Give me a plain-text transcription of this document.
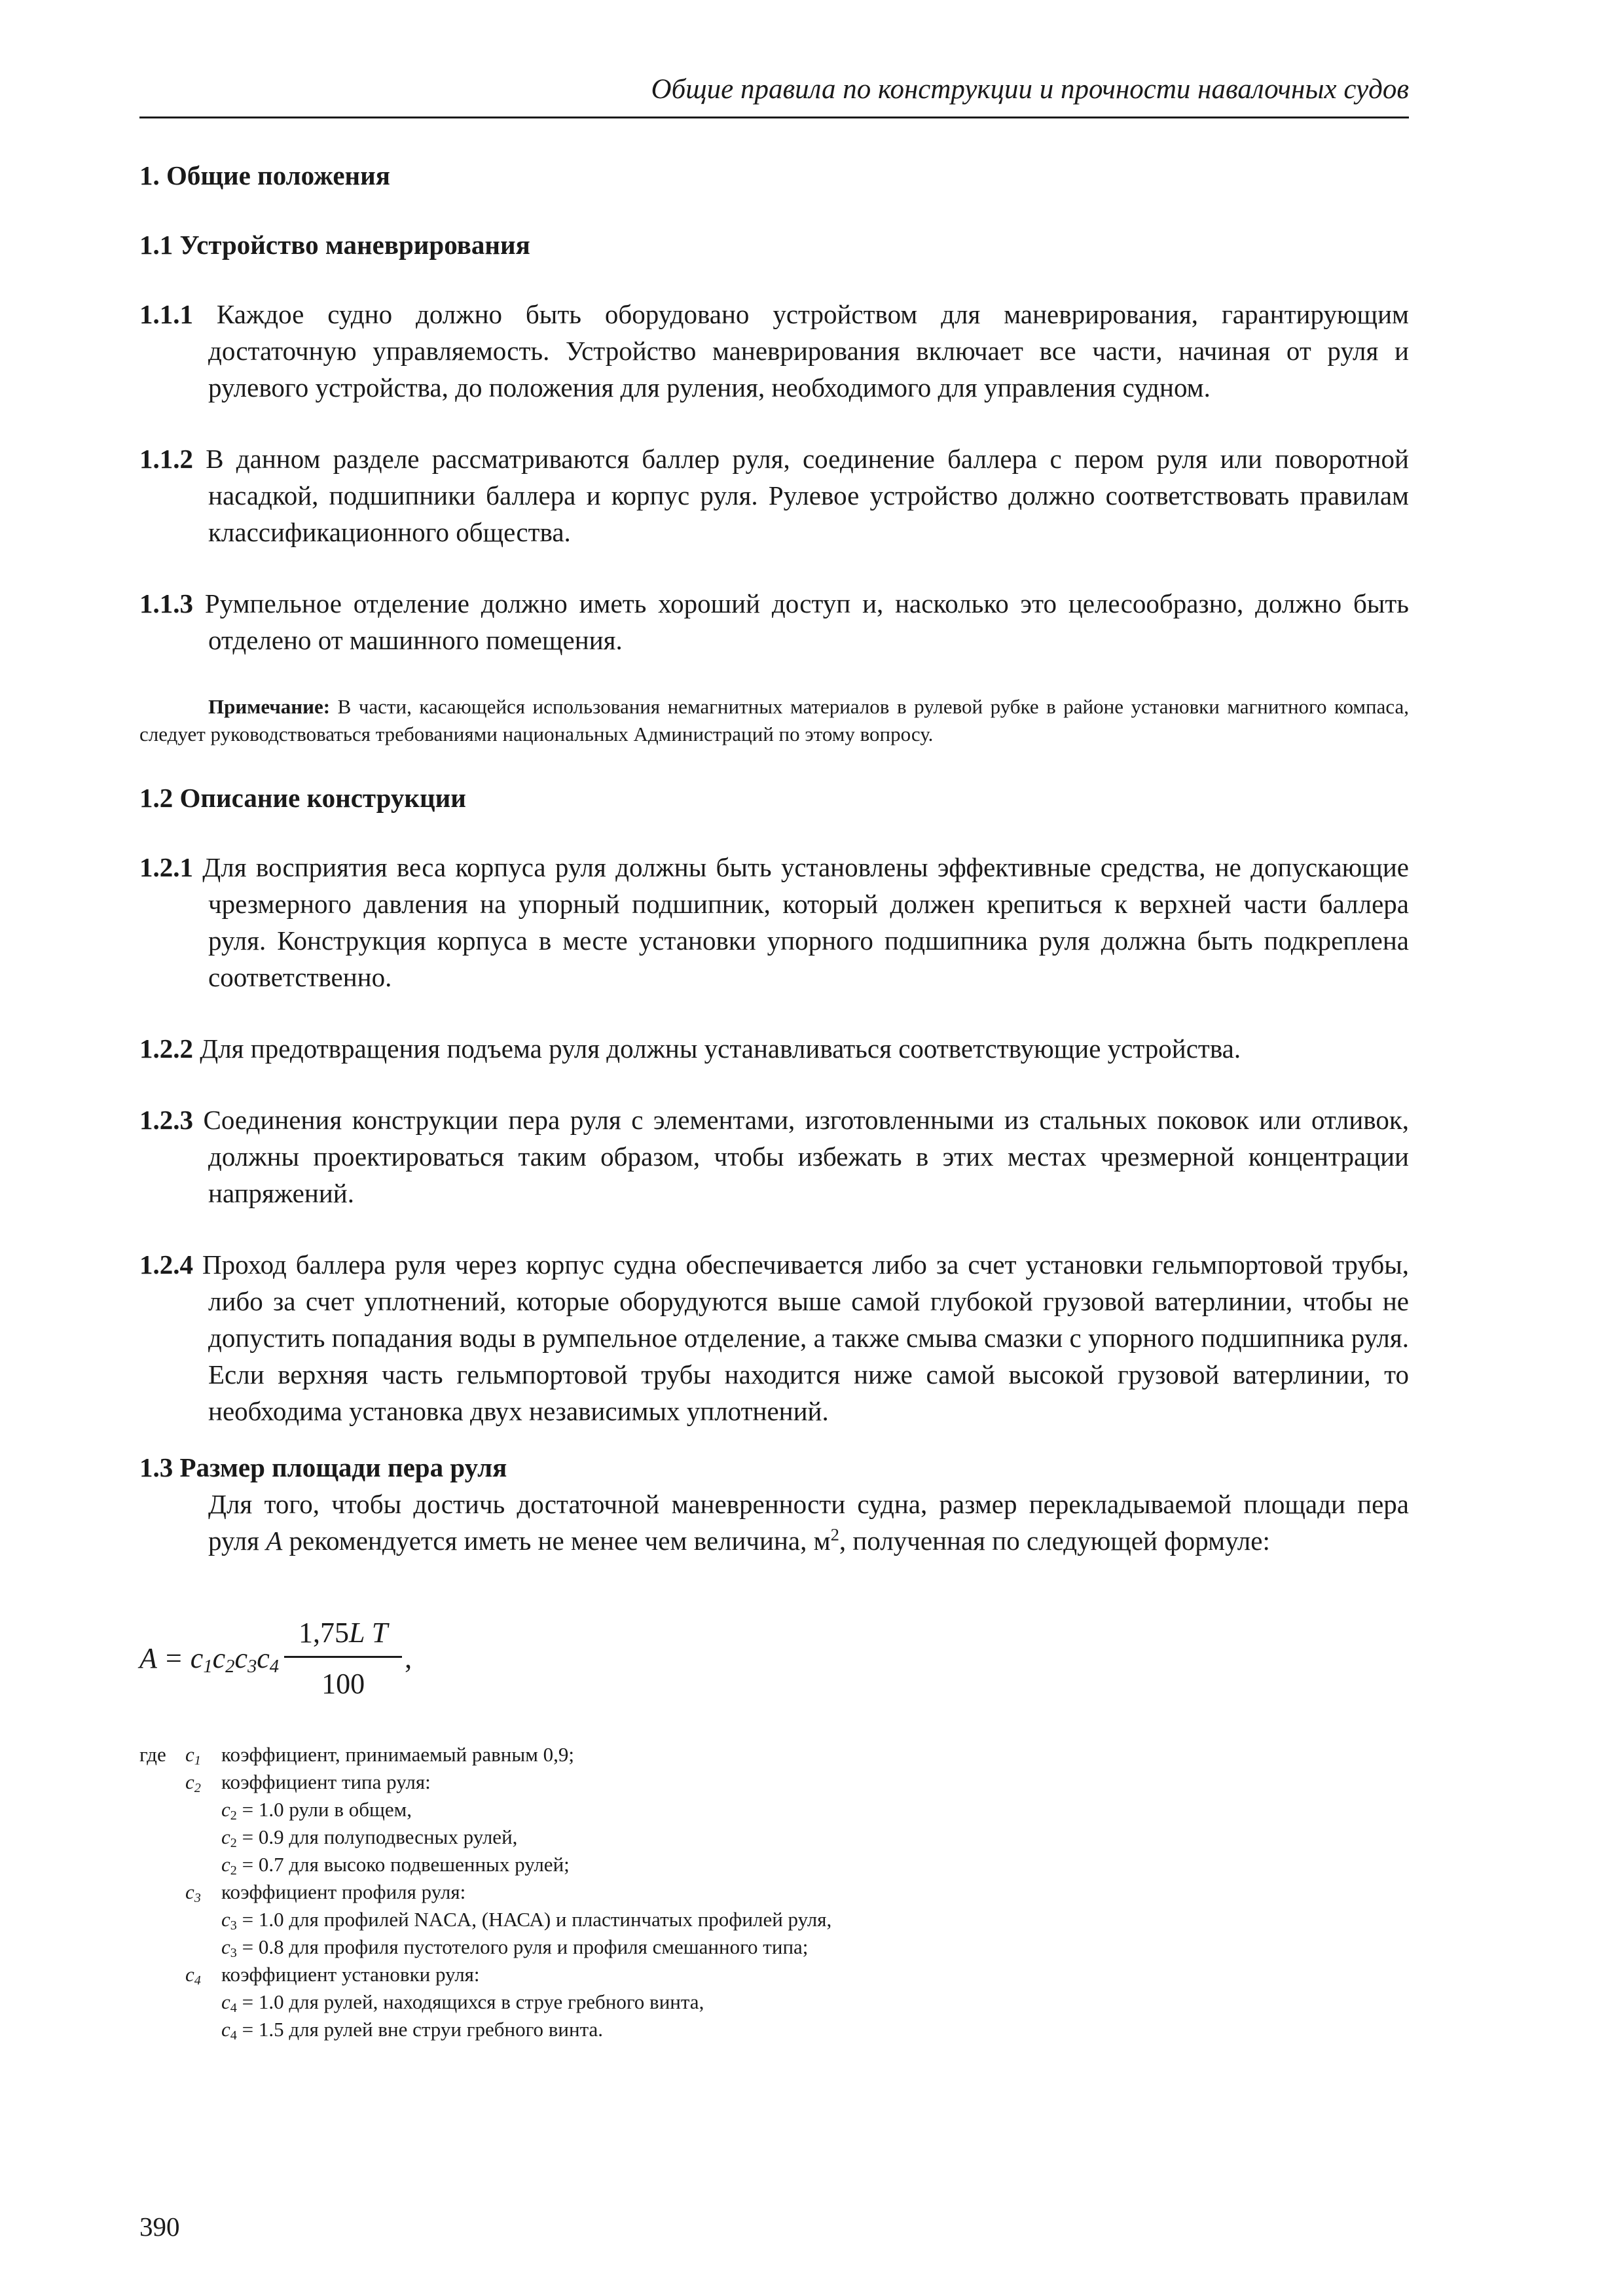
Общие правила по конструкции и прочности навалочных судов

1. Общие положения

1.1 Устройство маневрирования

1.1.1 Каждое судно должно быть оборудовано устройством для маневрирования, гарантирующим достаточную управляемость. Устройство маневрирования включает все части, начиная от руля и рулевого устройства, до положения для руления, необходимого для управления судном.

1.1.2 В данном разделе рассматриваются баллер руля, соединение баллера с пером руля или поворотной насадкой, подшипники баллера и корпус руля. Рулевое устройство должно соответствовать правилам классификационного общества.

1.1.3 Румпельное отделение должно иметь хороший доступ и, насколько это целесообразно, должно быть отделено от машинного помещения.

Примечание: В части, касающейся использования немагнитных материалов в рулевой рубке в районе установки магнитного компаса, следует руководствоваться требованиями национальных Администраций по этому вопросу.

1.2 Описание конструкции

1.2.1 Для восприятия веса корпуса руля должны быть установлены эффективные средства, не допускающие чрезмерного давления на упорный подшипник, который должен крепиться к верхней части баллера руля. Конструкция корпуса в месте установки упорного подшипника руля должна быть подкреплена соответственно.

1.2.2 Для предотвращения подъема руля должны устанавливаться соответствующие устройства.

1.2.3 Соединения конструкции пера руля с элементами, изготовленными из стальных поковок или отливок, должны проектироваться таким образом, чтобы избежать в этих местах чрезмерной концентрации напряжений.

1.2.4 Проход баллера руля через корпус судна обеспечивается либо за счет установки гельмпортовой трубы, либо за счет уплотнений, которые оборудуются выше самой глубокой грузовой ватерлинии, чтобы не допустить попадания воды в румпельное отделение, а также смыва смазки с упорного подшипника руля. Если верхняя часть гельмпортовой трубы находится ниже самой высокой грузовой ватерлинии, то необходима установка двух независимых уплотнений.

1.3 Размер площади пера руля

Для того, чтобы достичь достаточной маневренности судна, размер перекладываемой площади пера руля A рекомендуется иметь не менее чем величина, $м^2$, полученная по следующей формуле:

$A = c_1c_2c_3c_4 \frac{\text{1,75L T}}{100}$ ,
где $c_1$	коэффициент, принимаемый равным 0,9;
$c_2$	коэффициент типа руля:
$c_2 = 1.0$ рули в общем,
$c_2 = 0.9$ для полуподвесных рулей,
$c_2 = 0.7$ для высоко подвешенных рулей;
$c_3$	коэффициент профиля руля:
$c_3 = 1.0$ для профилей NACA, (НАСА) и пластинчатых профилей руля,
$c_3 = 0.8$ для профиля пустотелого руля и профиля смешанного типа;
$c_4$	коэффициент установки руля:
$c_4 = 1.0$ для рулей, находящихся в струе гребного винта,
$c_4 = 1.5$ для рулей вне струи гребного винта.
390
